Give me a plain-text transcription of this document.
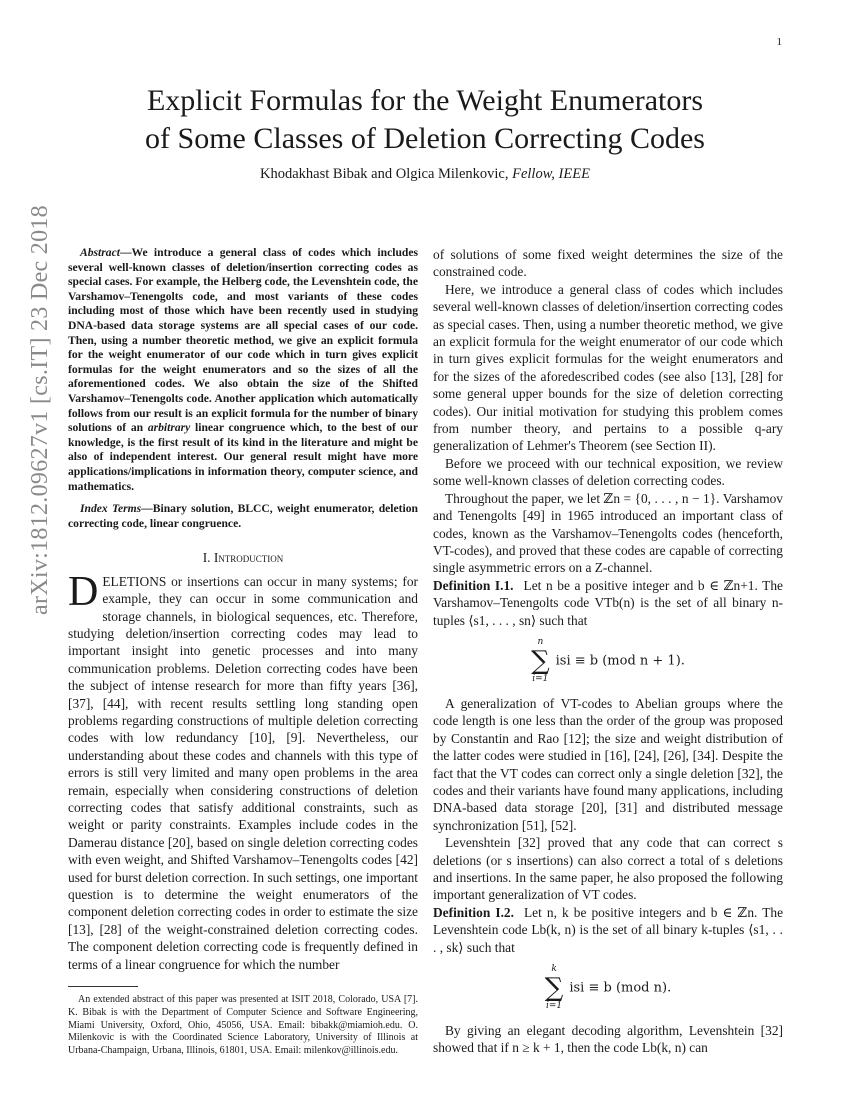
1
arXiv:1812.09627v1 [cs.IT] 23 Dec 2018
Explicit Formulas for the Weight Enumerators
of Some Classes of Deletion Correcting Codes
Khodakhast Bibak and Olgica Milenkovic, Fellow, IEEE

Abstract—We introduce a general class of codes which includes several well-known classes of deletion/insertion correcting codes as special cases. For example, the Helberg code, the Levenshtein code, the Varshamov–Tenengolts code, and most variants of these codes including most of those which have been recently used in studying DNA-based data storage systems are all special cases of our code. Then, using a number theoretic method, we give an explicit formula for the weight enumerator of our code which in turn gives explicit formulas for the weight enumerators and so the sizes of all the aforementioned codes. We also obtain the size of the Shifted Varshamov–Tenengolts code. Another application which automatically follows from our result is an explicit formula for the number of binary solutions of an arbitrary linear congruence which, to the best of our knowledge, is the first result of its kind in the literature and might be also of independent interest. Our general result might have more applications/implications in information theory, computer science, and mathematics.

Index Terms—Binary solution, BLCC, weight enumerator, deletion correcting code, linear congruence.

I. Introduction

DELETIONS or insertions can occur in many systems; for example, they can occur in some communication and storage channels, in biological sequences, etc. Therefore, studying deletion/insertion correcting codes may lead to important insight into genetic processes and into many communication problems. Deletion correcting codes have been the subject of intense research for more than fifty years [36], [37], [44], with recent results settling long standing open problems regarding constructions of multiple deletion correcting codes with low redundancy [10], [9]. Nevertheless, our understanding about these codes and channels with this type of errors is still very limited and many open problems in the area remain, especially when considering constructions of deletion correcting codes that satisfy additional constraints, such as weight or parity constraints. Examples include codes in the Damerau distance [20], based on single deletion correcting codes with even weight, and Shifted Varshamov–Tenengolts codes [42] used for burst deletion correction. In such settings, one important question is to determine the weight enumerators of the component deletion correcting codes in order to estimate the size [13], [28] of the weight-constrained deletion correcting codes. The component deletion correcting code is frequently defined in terms of a linear congruence for which the number

An extended abstract of this paper was presented at ISIT 2018, Colorado, USA [7]. K. Bibak is with the Department of Computer Science and Software Engineering, Miami University, Oxford, Ohio, 45056, USA. Email: bibakk@miamioh.edu. O. Milenkovic is with the Coordinated Science Laboratory, University of Illinois at Urbana-Champaign, Urbana, Illinois, 61801, USA. Email: milenkov@illinois.edu.

of solutions of some fixed weight determines the size of the constrained code.

Here, we introduce a general class of codes which includes several well-known classes of deletion/insertion correcting codes as special cases. Then, using a number theoretic method, we give an explicit formula for the weight enumerator of our code which in turn gives explicit formulas for the weight enumerators and for the sizes of the aforedescribed codes (see also [13], [28] for some general upper bounds for the size of deletion correcting codes). Our initial motivation for studying this problem comes from number theory, and pertains to a possible q-ary generalization of Lehmer's Theorem (see Section II).

Before we proceed with our technical exposition, we review some well-known classes of deletion correcting codes.

Throughout the paper, we let ℤn = {0, . . . , n − 1}. Varshamov and Tenengolts [49] in 1965 introduced an important class of codes, known as the Varshamov–Tenengolts codes (henceforth, VT-codes), and proved that these codes are capable of correcting single asymmetric errors on a Z-channel.

Definition I.1. Let n be a positive integer and b ∈ ℤn+1. The Varshamov–Tenengolts code VTb(n) is the set of all binary n-tuples ⟨s1, . . . , sn⟩ such that

n
∑
i=1
isi ≡ b (mod n + 1).

A generalization of VT-codes to Abelian groups where the code length is one less than the order of the group was proposed by Constantin and Rao [12]; the size and weight distribution of the latter codes were studied in [16], [24], [26], [34]. Despite the fact that the VT codes can correct only a single deletion [32], the codes and their variants have found many applications, including DNA-based data storage [20], [31] and distributed message synchronization [51], [52].

Levenshtein [32] proved that any code that can correct s deletions (or s insertions) can also correct a total of s deletions and insertions. In the same paper, he also proposed the following important generalization of VT codes.

Definition I.2. Let n, k be positive integers and b ∈ ℤn. The Levenshtein code Lb(k, n) is the set of all binary k-tuples ⟨s1, . . . , sk⟩ such that

k
∑
i=1
isi ≡ b (mod n).

By giving an elegant decoding algorithm, Levenshtein [32] showed that if n ≥ k + 1, then the code Lb(k, n) can
